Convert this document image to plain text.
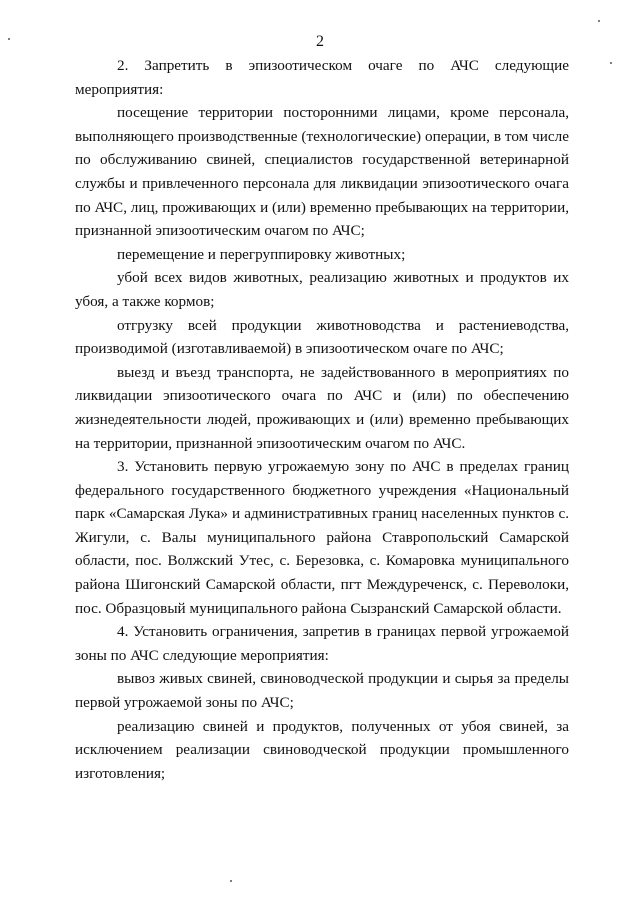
2

2. Запретить в эпизоотическом очаге по АЧС следующие мероприятия:

посещение территории посторонними лицами, кроме персонала, выполняющего производственные (технологические) операции, в том числе по обслуживанию свиней, специалистов государственной ветеринарной службы и привлеченного персонала для ликвидации эпизоотического очага по АЧС, лиц, проживающих и (или) временно пребывающих на территории, признанной эпизоотическим очагом по АЧС;

перемещение и перегруппировку животных;

убой всех видов животных, реализацию животных и продуктов их убоя, а также кормов;

отгрузку всей продукции животноводства и растениеводства, производимой (изготавливаемой) в эпизоотическом очаге по АЧС;

выезд и въезд транспорта, не задействованного в мероприятиях по ликвидации эпизоотического очага по АЧС и (или) по обеспечению жизнедеятельности людей, проживающих и (или) временно пребывающих на территории, признанной эпизоотическим очагом по АЧС.

3. Установить первую угрожаемую зону по АЧС в пределах границ федерального государственного бюджетного учреждения «Национальный парк «Самарская Лука» и административных границ населенных пунктов с. Жигули, с. Валы муниципального района Ставропольский Самарской области, пос. Волжский Утес, с. Березовка, с. Комаровка муниципального района Шигонский Самарской области, пгт Междуреченск, с. Переволоки, пос. Образцовый муниципального района Сызранский Самарской области.

4. Установить ограничения, запретив в границах первой угрожаемой зоны по АЧС следующие мероприятия:

вывоз живых свиней, свиноводческой продукции и сырья за пределы первой угрожаемой зоны по АЧС;

реализацию свиней и продуктов, полученных от убоя свиней, за исключением реализации свиноводческой продукции промышленного изготовления;
